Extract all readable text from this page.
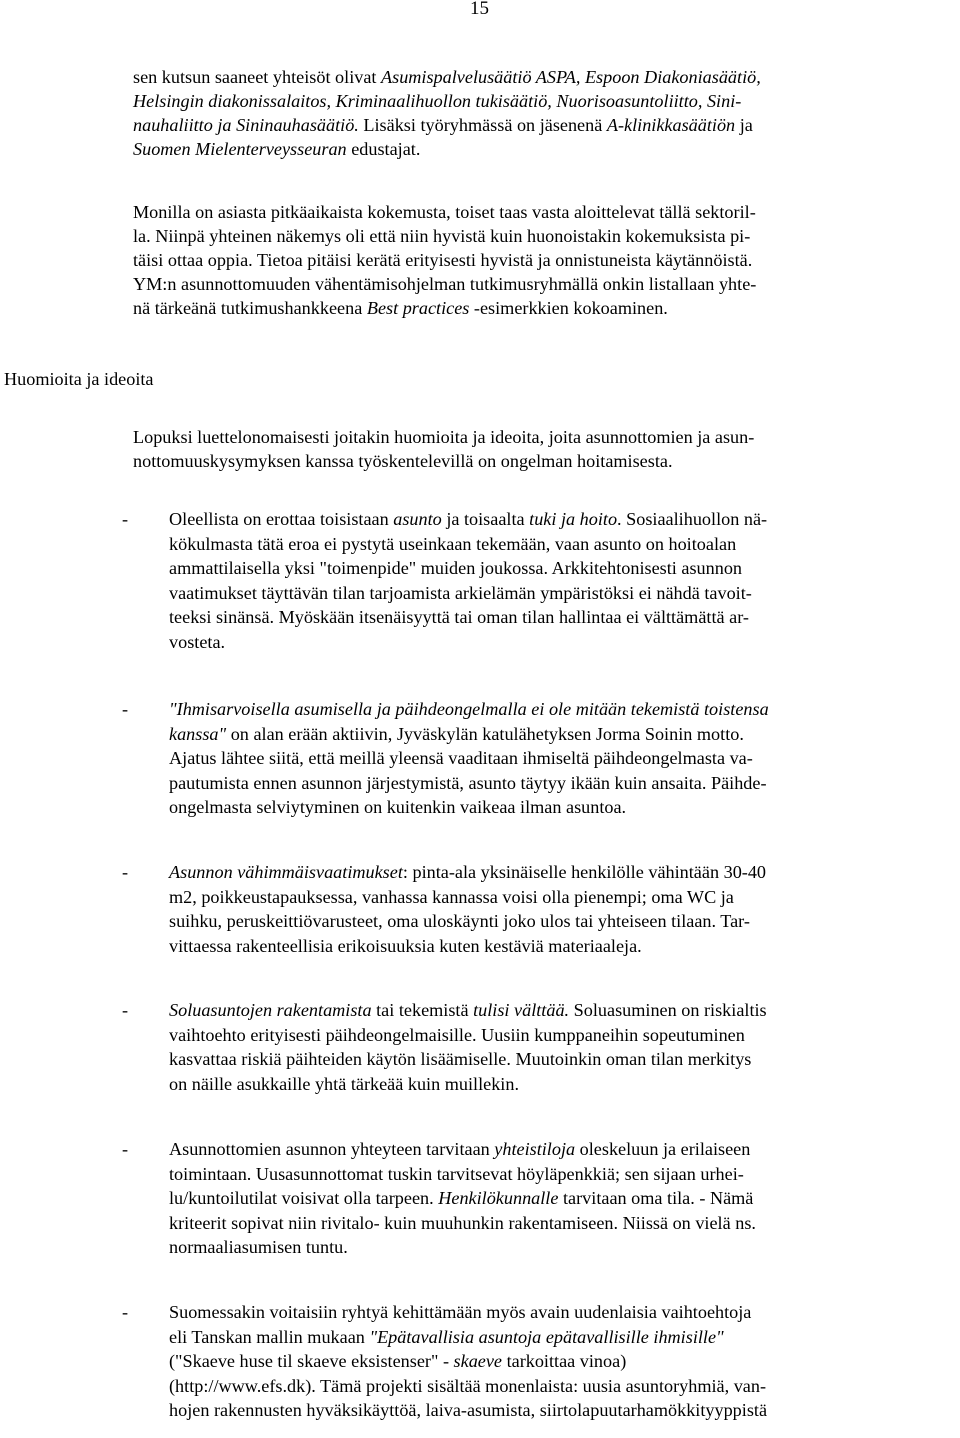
15
sen kutsun saaneet yhteisöt olivat Asumispalvelusäätiö ASPA, Espoon Diakoniasäätiö,
Helsingin diakonissalaitos, Kriminaalihuollon tukisäätiö, Nuorisoasuntoliitto, Sini-
nauhaliitto ja Sininauhasäätiö. Lisäksi työryhmässä on jäsenenä A-klinikkasäätiön ja
Suomen Mielenterveysseuran edustajat.
Monilla on asiasta pitkäaikaista kokemusta, toiset taas vasta aloittelevat tällä sektoril-
la. Niinpä yhteinen näkemys oli että niin hyvistä kuin huonoistakin kokemuksista pi-
täisi ottaa oppia. Tietoa pitäisi kerätä erityisesti hyvistä ja onnistuneista käytännöistä.
YM:n asunnottomuuden vähentämisohjelman tutkimusryhmällä onkin listallaan yhte-
nä tärkeänä tutkimushankkeena Best practices -esimerkkien kokoaminen.
Huomioita ja ideoita
Lopuksi luettelonomaisesti joitakin huomioita ja ideoita, joita asunnottomien ja asun-
nottomuuskysymyksen kanssa työskentelevillä on ongelman hoitamisesta.
- Oleellista on erottaa toisistaan asunto ja toisaalta tuki ja hoito. Sosiaalihuollon nä-
kökulmasta tätä eroa ei pystytä useinkaan tekemään, vaan asunto on hoitoalan
ammattilaisella yksi "toimenpide" muiden joukossa. Arkkitehtonisesti asunnon
vaatimukset täyttävän tilan tarjoamista arkielämän ympäristöksi ei nähdä tavoit-
teeksi sinänsä. Myöskään itsenäisyyttä tai oman tilan hallintaa ei välttämättä ar-
vosteta.
- "Ihmisarvoisella asumisella ja päihdeongelmalla ei ole mitään tekemistä toistensa
kanssa" on alan erään aktiivin, Jyväskylän katulähetyksen Jorma Soinin motto.
Ajatus lähtee siitä, että meillä yleensä vaaditaan ihmiseltä päihdeongelmasta va-
pautumista ennen asunnon järjestymistä, asunto täytyy ikään kuin ansaita. Päihde-
ongelmasta selviytyminen on kuitenkin vaikeaa ilman asuntoa.
- Asunnon vähimmäisvaatimukset: pinta-ala yksinäiselle henkilölle vähintään 30-40
m2, poikkeustapauksessa, vanhassa kannassa voisi olla pienempi; oma WC ja
suihku, peruskeittiövarusteet, oma uloskäynti joko ulos tai yhteiseen tilaan. Tar-
vittaessa rakenteellisia erikoisuuksia kuten kestäviä materiaaleja.
- Soluasuntojen rakentamista tai tekemistä tulisi välttää. Soluasuminen on riskialtis
vaihtoehto erityisesti päihdeongelmaisille. Uusiin kumppaneihin sopeutuminen
kasvattaa riskiä päihteiden käytön lisäämiselle. Muutoinkin oman tilan merkitys
on näille asukkaille yhtä tärkeää kuin muillekin.
- Asunnottomien asunnon yhteyteen tarvitaan yhteistiloja oleskeluun ja erilaiseen
toimintaan. Uusasunnottomat tuskin tarvitsevat höyläpenkkiä; sen sijaan urhei-
lu/kuntoilutilat voisivat olla tarpeen. Henkilökunnalle tarvitaan oma tila. - Nämä
kriteerit sopivat niin rivitalo- kuin muuhunkin rakentamiseen. Niissä on vielä ns.
normaaliasumisen tuntu.
- Suomessakin voitaisiin ryhtyä kehittämään myös avain uudenlaisia vaihtoehtoja
eli Tanskan mallin mukaan "Epätavallisia asuntoja epätavallisille ihmisille"
("Skaeve huse til skaeve eksistenser" - skaeve tarkoittaa vinoa)
(http://www.efs.dk). Tämä projekti sisältää monenlaista: uusia asuntoryhmiä, van-
hojen rakennusten hyväksikäyttöä, laiva-asumista, siirtolapuutarhamökkityyppistä
